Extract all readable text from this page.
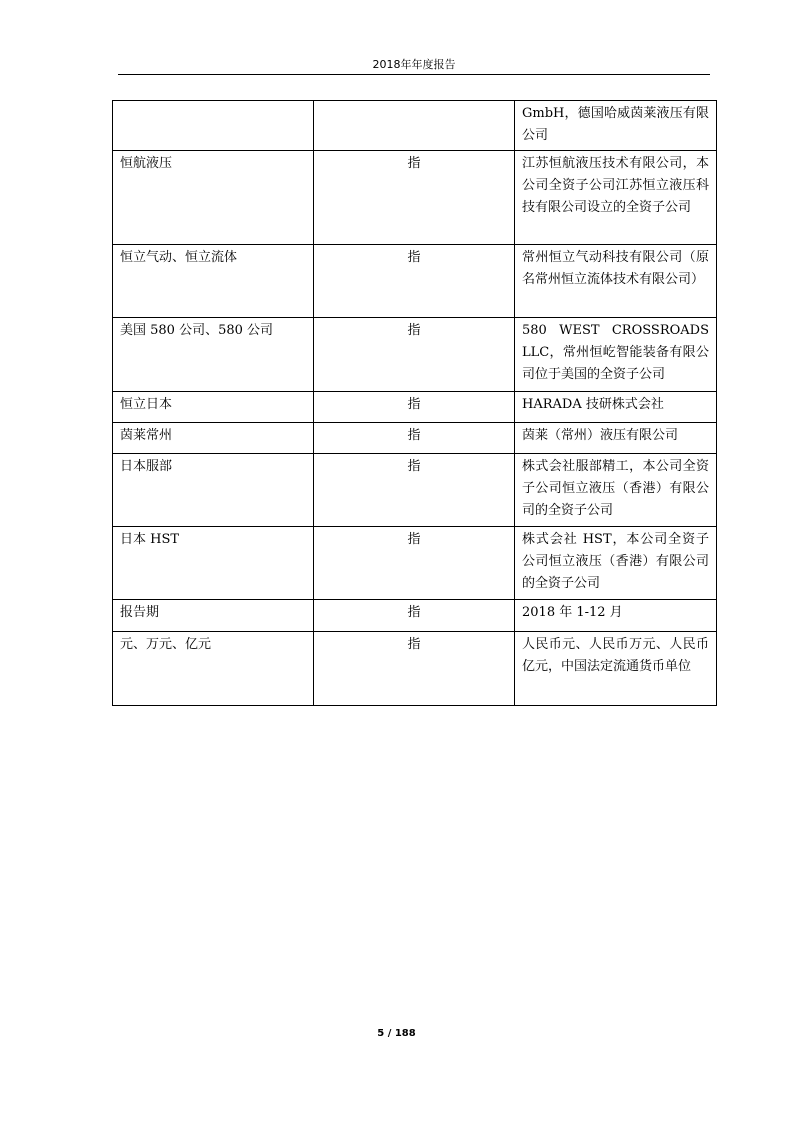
2018年年度报告
		GmbH，德国哈威茵莱液压有限公司
恒航液压	指	江苏恒航液压技术有限公司，本公司全资子公司江苏恒立液压科技有限公司设立的全资子公司
恒立气动、恒立流体	指	常州恒立气动科技有限公司（原名常州恒立流体技术有限公司）
美国 580 公司、580 公司	指	580 WEST CROSSROADS LLC，常州恒屹智能装备有限公司位于美国的全资子公司
恒立日本	指	HARADA 技研株式会社
茵莱常州	指	茵莱（常州）液压有限公司
日本服部	指	株式会社服部精工，本公司全资子公司恒立液压（香港）有限公司的全资子公司
日本 HST	指	株式会社 HST，本公司全资子公司恒立液压（香港）有限公司的全资子公司
报告期	指	2018 年 1-12 月
元、万元、亿元	指	人民币元、人民币万元、人民币亿元，中国法定流通货币单位
5 / 188
